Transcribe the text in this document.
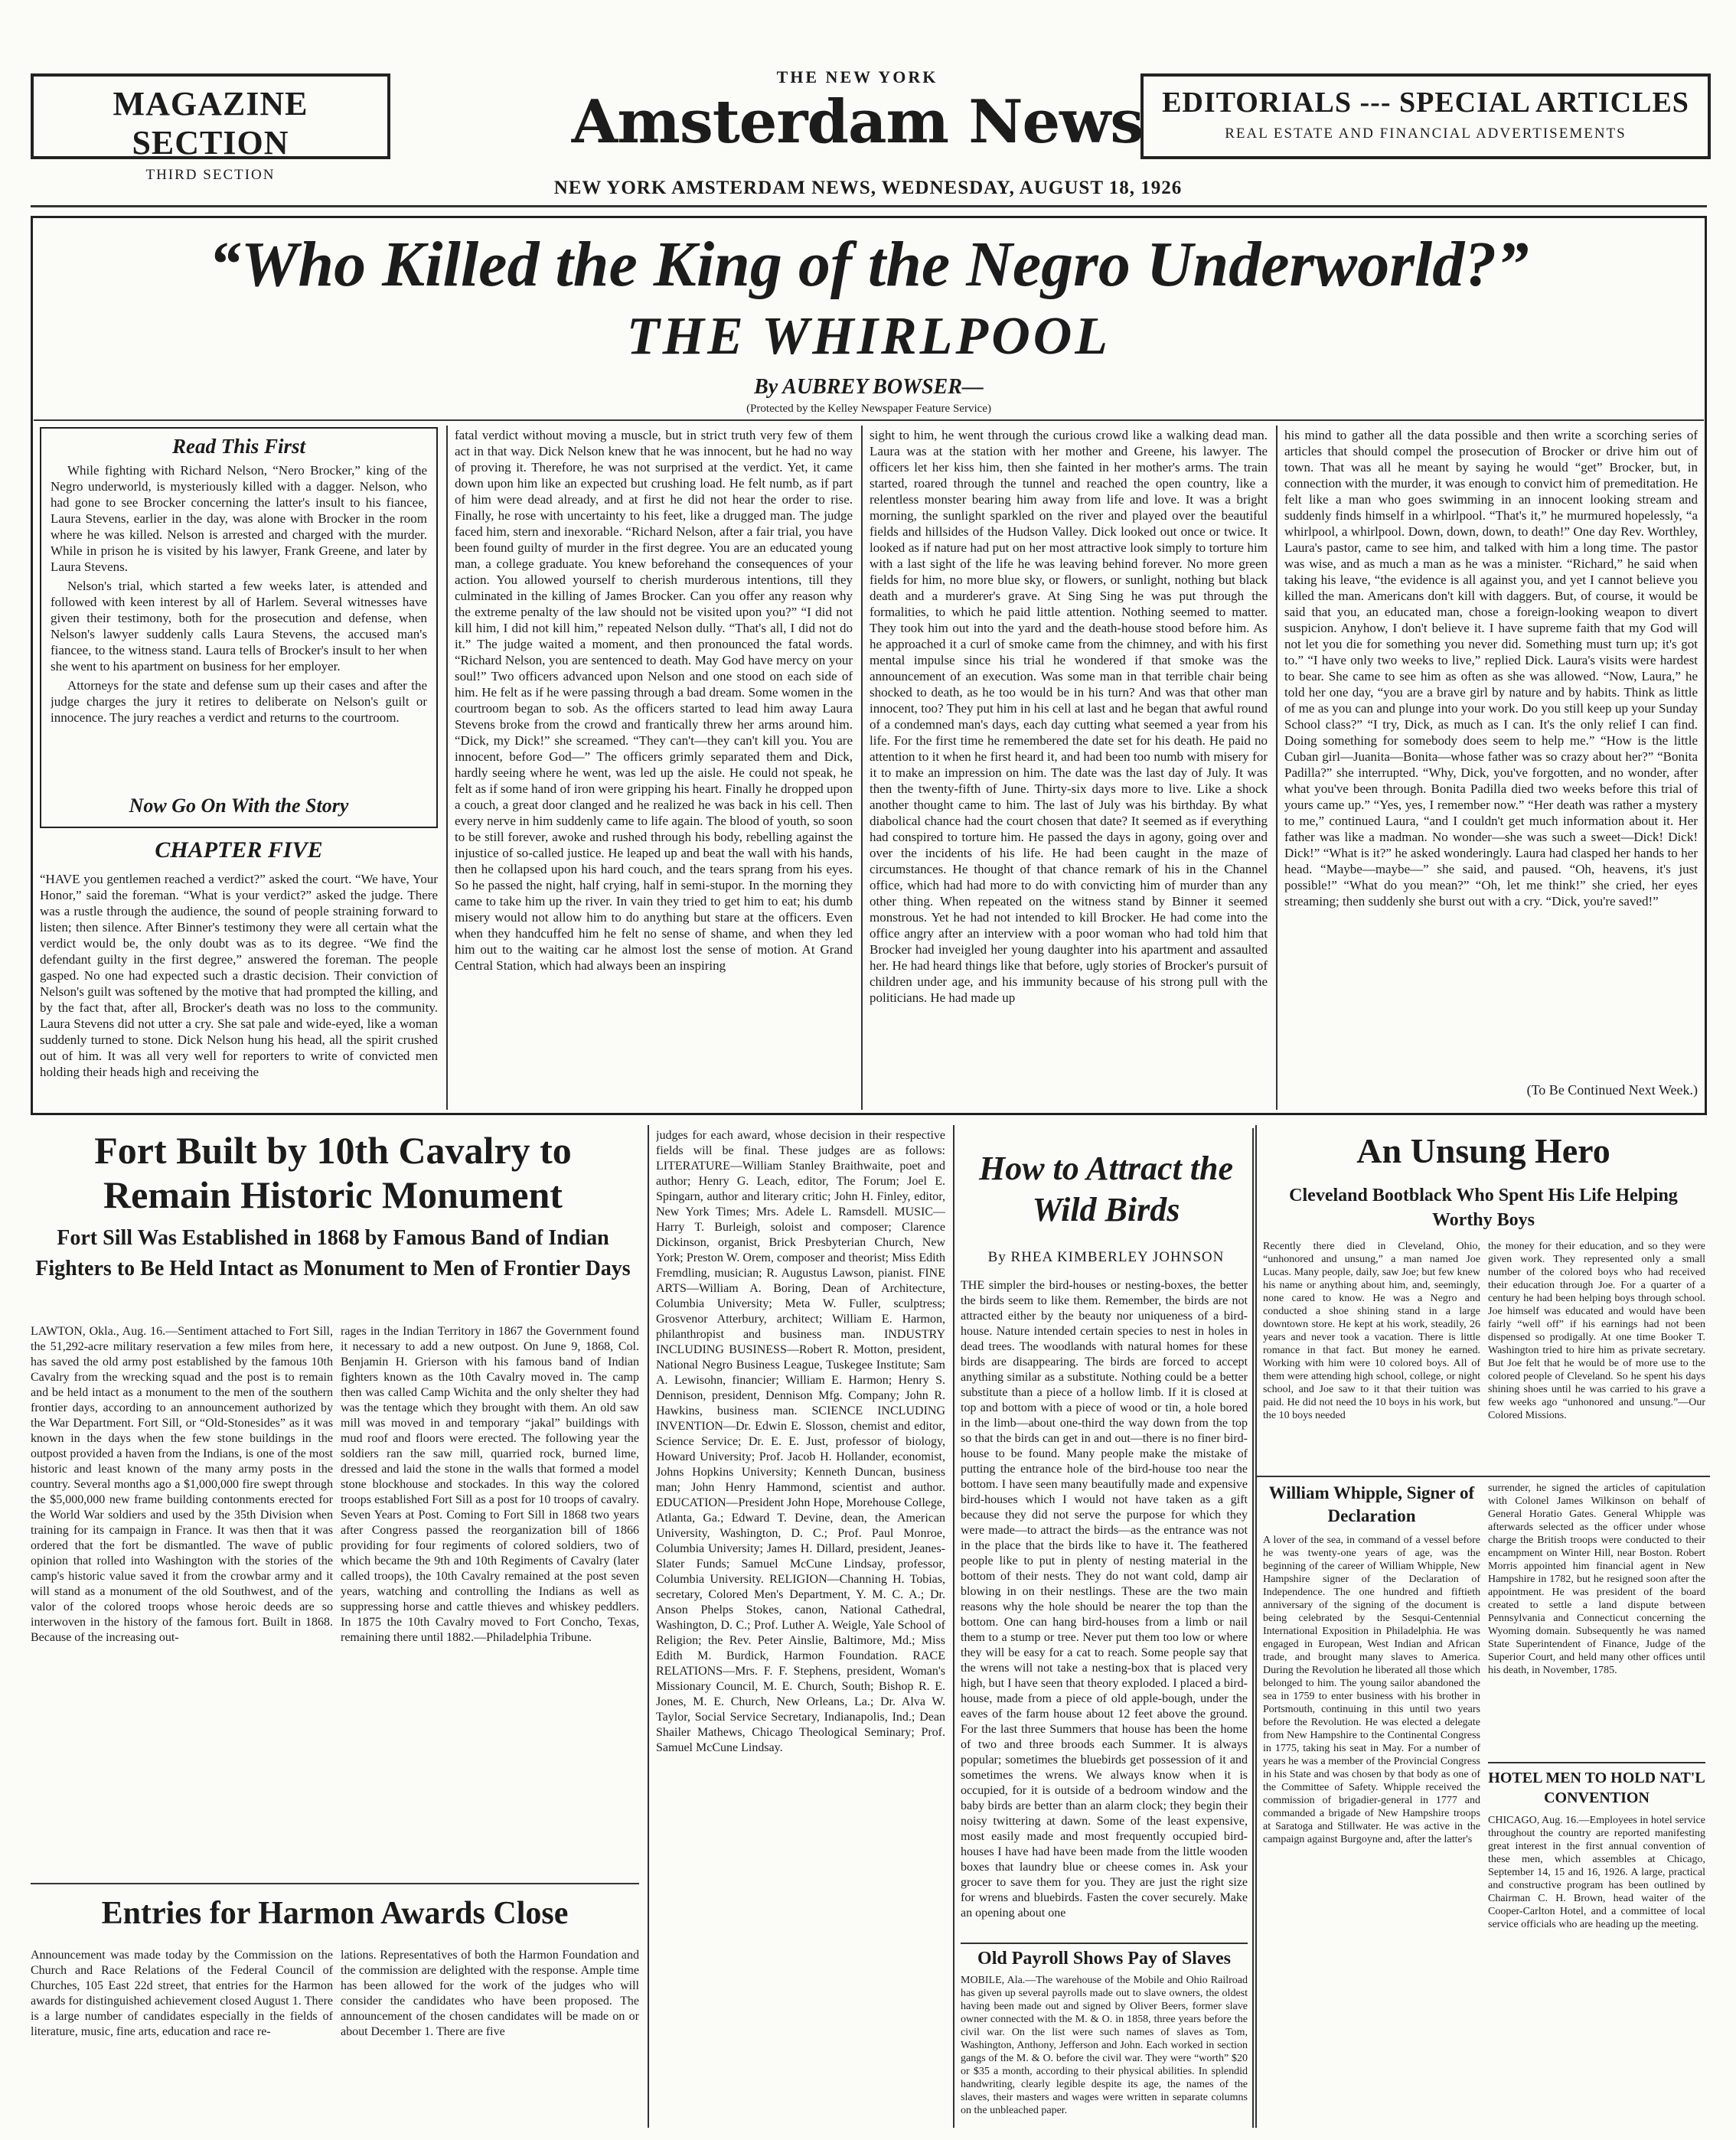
MAGAZINE SECTION
THIRD SECTION
THE NEW YORK
Amsterdam News EDITORIALS --- SPECIAL ARTICLES
REAL ESTATE AND FINANCIAL ADVERTISEMENTS
NEW YORK AMSTERDAM NEWS, WEDNESDAY, AUGUST 18, 1926
“Who Killed the King of the Negro Underworld?”
THE WHIRLPOOL
By AUBREY BOWSER—
(Protected by the Kelley Newspaper Feature Service)
Read This First

While fighting with Richard Nelson, “Nero Brocker,” king of the Negro underworld, is mysteriously killed with a dagger. Nelson, who had gone to see Brocker concerning the latter's insult to his fiancee, Laura Stevens, earlier in the day, was alone with Brocker in the room where he was killed. Nelson is arrested and charged with the murder. While in prison he is visited by his lawyer, Frank Greene, and later by Laura Stevens.

Nelson's trial, which started a few weeks later, is attended and followed with keen interest by all of Harlem. Several witnesses have given their testimony, both for the prosecution and defense, when Nelson's lawyer suddenly calls Laura Stevens, the accused man's fiancee, to the witness stand. Laura tells of Brocker's insult to her when she went to his apartment on business for her employer.

Attorneys for the state and defense sum up their cases and after the judge charges the jury it retires to deliberate on Nelson's guilt or innocence. The jury reaches a verdict and returns to the courtroom.

Now Go On With the Story
CHAPTER FIVE
“HAVE you gentlemen reached a verdict?” asked the court. “We have, Your Honor,” said the foreman. “What is your verdict?” asked the judge. There was a rustle through the audience, the sound of people straining forward to listen; then silence. After Binner's testimony they were all certain what the verdict would be, the only doubt was as to its degree. “We find the defendant guilty in the first degree,” answered the foreman. The people gasped. No one had expected such a drastic decision. Their conviction of Nelson's guilt was softened by the motive that had prompted the killing, and by the fact that, after all, Brocker's death was no loss to the community. Laura Stevens did not utter a cry. She sat pale and wide-eyed, like a woman suddenly turned to stone. Dick Nelson hung his head, all the spirit crushed out of him. It was all very well for reporters to write of convicted men holding their heads high and receiving the
fatal verdict without moving a muscle, but in strict truth very few of them act in that way. Dick Nelson knew that he was innocent, but he had no way of proving it. Therefore, he was not surprised at the verdict. Yet, it came down upon him like an expected but crushing load. He felt numb, as if part of him were dead already, and at first he did not hear the order to rise. Finally, he rose with uncertainty to his feet, like a drugged man. The judge faced him, stern and inexorable. “Richard Nelson, after a fair trial, you have been found guilty of murder in the first degree. You are an educated young man, a college graduate. You knew beforehand the consequences of your action. You allowed yourself to cherish murderous intentions, till they culminated in the killing of James Brocker. Can you offer any reason why the extreme penalty of the law should not be visited upon you?” “I did not kill him, I did not kill him,” repeated Nelson dully. “That's all, I did not do it.” The judge waited a moment, and then pronounced the fatal words. “Richard Nelson, you are sentenced to death. May God have mercy on your soul!” Two officers advanced upon Nelson and one stood on each side of him. He felt as if he were passing through a bad dream. Some women in the courtroom began to sob. As the officers started to lead him away Laura Stevens broke from the crowd and frantically threw her arms around him. “Dick, my Dick!” she screamed. “They can't—they can't kill you. You are innocent, before God—” The officers grimly separated them and Dick, hardly seeing where he went, was led up the aisle. He could not speak, he felt as if some hand of iron were gripping his heart. Finally he dropped upon a couch, a great door clanged and he realized he was back in his cell. Then every nerve in him suddenly came to life again. The blood of youth, so soon to be still forever, awoke and rushed through his body, rebelling against the injustice of so-called justice. He leaped up and beat the wall with his hands, then he collapsed upon his hard couch, and the tears sprang from his eyes. So he passed the night, half crying, half in semi-stupor. In the morning they came to take him up the river. In vain they tried to get him to eat; his dumb misery would not allow him to do anything but stare at the officers. Even when they handcuffed him he felt no sense of shame, and when they led him out to the waiting car he almost lost the sense of motion. At Grand Central Station, which had always been an inspiring
sight to him, he went through the curious crowd like a walking dead man. Laura was at the station with her mother and Greene, his lawyer. The officers let her kiss him, then she fainted in her mother's arms. The train started, roared through the tunnel and reached the open country, like a relentless monster bearing him away from life and love. It was a bright morning, the sunlight sparkled on the river and played over the beautiful fields and hillsides of the Hudson Valley. Dick looked out once or twice. It looked as if nature had put on her most attractive look simply to torture him with a last sight of the life he was leaving behind forever. No more green fields for him, no more blue sky, or flowers, or sunlight, nothing but black death and a murderer's grave. At Sing Sing he was put through the formalities, to which he paid little attention. Nothing seemed to matter. They took him out into the yard and the death-house stood before him. As he approached it a curl of smoke came from the chimney, and with his first mental impulse since his trial he wondered if that smoke was the announcement of an execution. Was some man in that terrible chair being shocked to death, as he too would be in his turn? And was that other man innocent, too? They put him in his cell at last and he began that awful round of a condemned man's days, each day cutting what seemed a year from his life. For the first time he remembered the date set for his death. He paid no attention to it when he first heard it, and had been too numb with misery for it to make an impression on him. The date was the last day of July. It was then the twenty-fifth of June. Thirty-six days more to live. Like a shock another thought came to him. The last of July was his birthday. By what diabolical chance had the court chosen that date? It seemed as if everything had conspired to torture him. He passed the days in agony, going over and over the incidents of his life. He had been caught in the maze of circumstances. He thought of that chance remark of his in the Channel office, which had had more to do with convicting him of murder than any other thing. When repeated on the witness stand by Binner it seemed monstrous. Yet he had not intended to kill Brocker. He had come into the office angry after an interview with a poor woman who had told him that Brocker had inveigled her young daughter into his apartment and assaulted her. He had heard things like that before, ugly stories of Brocker's pursuit of children under age, and his immunity because of his strong pull with the politicians. He had made up
his mind to gather all the data possible and then write a scorching series of articles that should compel the prosecution of Brocker or drive him out of town. That was all he meant by saying he would “get” Brocker, but, in connection with the murder, it was enough to convict him of premeditation. He felt like a man who goes swimming in an innocent looking stream and suddenly finds himself in a whirlpool. “That's it,” he murmured hopelessly, “a whirlpool, a whirlpool. Down, down, down, to death!” One day Rev. Worthley, Laura's pastor, came to see him, and talked with him a long time. The pastor was wise, and as much a man as he was a minister. “Richard,” he said when taking his leave, “the evidence is all against you, and yet I cannot believe you killed the man. Americans don't kill with daggers. But, of course, it would be said that you, an educated man, chose a foreign-looking weapon to divert suspicion. Anyhow, I don't believe it. I have supreme faith that my God will not let you die for something you never did. Something must turn up; it's got to.” “I have only two weeks to live,” replied Dick. Laura's visits were hardest to bear. She came to see him as often as she was allowed. “Now, Laura,” he told her one day, “you are a brave girl by nature and by habits. Think as little of me as you can and plunge into your work. Do you still keep up your Sunday School class?” “I try, Dick, as much as I can. It's the only relief I can find. Doing something for somebody does seem to help me.” “How is the little Cuban girl—Juanita—Bonita—whose father was so crazy about her?” “Bonita Padilla?” she interrupted. “Why, Dick, you've forgotten, and no wonder, after what you've been through. Bonita Padilla died two weeks before this trial of yours came up.” “Yes, yes, I remember now.” “Her death was rather a mystery to me,” continued Laura, “and I couldn't get much information about it. Her father was like a madman. No wonder—she was such a sweet—Dick! Dick! Dick!” “What is it?” he asked wonderingly. Laura had clasped her hands to her head. “Maybe—maybe—” she said, and paused. “Oh, heavens, it's just possible!” “What do you mean?” “Oh, let me think!” she cried, her eyes streaming; then suddenly she burst out with a cry. “Dick, you're saved!”
(To Be Continued Next Week.)
Fort Built by 10th Cavalry to Remain Historic Monument
Fort Sill Was Established in 1868 by Famous Band of Indian Fighters to Be Held Intact as Monument to Men of Frontier Days
LAWTON, Okla., Aug. 16.—Sentiment attached to Fort Sill, the 51,292-acre military reservation a few miles from here, has saved the old army post established by the famous 10th Cavalry from the wrecking squad and the post is to remain and be held intact as a monument to the men of the southern frontier days, according to an announcement authorized by the War Department. Fort Sill, or “Old-Stonesides” as it was known in the days when the few stone buildings in the outpost provided a haven from the Indians, is one of the most historic and least known of the many army posts in the country. Several months ago a $1,000,000 fire swept through the $5,000,000 new frame building contonments erected for the World War soldiers and used by the 35th Division when training for its campaign in France. It was then that it was ordered that the fort be dismantled. The wave of public opinion that rolled into Washington with the stories of the camp's historic value saved it from the crowbar army and it will stand as a monument of the old Southwest, and of the valor of the colored troops whose heroic deeds are so interwoven in the history of the famous fort. Built in 1868. Because of the increasing out-
rages in the Indian Territory in 1867 the Government found it necessary to add a new outpost. On June 9, 1868, Col. Benjamin H. Grierson with his famous band of Indian fighters known as the 10th Cavalry moved in. The camp then was called Camp Wichita and the only shelter they had was the tentage which they brought with them. An old saw mill was moved in and temporary “jakal” buildings with mud roof and floors were erected. The following year the soldiers ran the saw mill, quarried rock, burned lime, dressed and laid the stone in the walls that formed a model stone blockhouse and stockades. In this way the colored troops established Fort Sill as a post for 10 troops of cavalry. Seven Years at Post. Coming to Fort Sill in 1868 two years after Congress passed the reorganization bill of 1866 providing for four regiments of colored soldiers, two of which became the 9th and 10th Regiments of Cavalry (later called troops), the 10th Cavalry remained at the post seven years, watching and controlling the Indians as well as suppressing horse and cattle thieves and whiskey peddlers. In 1875 the 10th Cavalry moved to Fort Concho, Texas, remaining there until 1882.—Philadelphia Tribune.
Entries for Harmon Awards Close
Announcement was made today by the Commission on the Church and Race Relations of the Federal Council of Churches, 105 East 22d street, that entries for the Harmon awards for distinguished achievement closed August 1. There is a large number of candidates especially in the fields of literature, music, fine arts, education and race re-
lations. Representatives of both the Harmon Foundation and the commission are delighted with the response. Ample time has been allowed for the work of the judges who will consider the candidates who have been proposed. The announcement of the chosen candidates will be made on or about December 1. There are five
judges for each award, whose decision in their respective fields will be final. These judges are as follows: LITERATURE—William Stanley Braithwaite, poet and author; Henry G. Leach, editor, The Forum; Joel E. Spingarn, author and literary critic; John H. Finley, editor, New York Times; Mrs. Adele L. Ramsdell. MUSIC—Harry T. Burleigh, soloist and composer; Clarence Dickinson, organist, Brick Presbyterian Church, New York; Preston W. Orem, composer and theorist; Miss Edith Fremdling, musician; R. Augustus Lawson, pianist. FINE ARTS—William A. Boring, Dean of Architecture, Columbia University; Meta W. Fuller, sculptress; Grosvenor Atterbury, architect; William E. Harmon, philanthropist and business man. INDUSTRY INCLUDING BUSINESS—Robert R. Motton, president, National Negro Business League, Tuskegee Institute; Sam A. Lewisohn, financier; William E. Harmon; Henry S. Dennison, president, Dennison Mfg. Company; John R. Hawkins, business man. SCIENCE INCLUDING INVENTION—Dr. Edwin E. Slosson, chemist and editor, Science Service; Dr. E. E. Just, professor of biology, Howard University; Prof. Jacob H. Hollander, economist, Johns Hopkins University; Kenneth Duncan, business man; John Henry Hammond, scientist and author. EDUCATION—President John Hope, Morehouse College, Atlanta, Ga.; Edward T. Devine, dean, the American University, Washington, D. C.; Prof. Paul Monroe, Columbia University; James H. Dillard, president, Jeanes-Slater Funds; Samuel McCune Lindsay, professor, Columbia University. RELIGION—Channing H. Tobias, secretary, Colored Men's Department, Y. M. C. A.; Dr. Anson Phelps Stokes, canon, National Cathedral, Washington, D. C.; Prof. Luther A. Weigle, Yale School of Religion; the Rev. Peter Ainslie, Baltimore, Md.; Miss Edith M. Burdick, Harmon Foundation. RACE RELATIONS—Mrs. F. F. Stephens, president, Woman's Missionary Council, M. E. Church, South; Bishop R. E. Jones, M. E. Church, New Orleans, La.; Dr. Alva W. Taylor, Social Service Secretary, Indianapolis, Ind.; Dean Shailer Mathews, Chicago Theological Seminary; Prof. Samuel McCune Lindsay.
How to Attract the Wild Birds
By RHEA KIMBERLEY JOHNSON
THE simpler the bird-houses or nesting-boxes, the better the birds seem to like them. Remember, the birds are not attracted either by the beauty nor uniqueness of a bird-house. Nature intended certain species to nest in holes in dead trees. The woodlands with natural homes for these birds are disappearing. The birds are forced to accept anything similar as a substitute. Nothing could be a better substitute than a piece of a hollow limb. If it is closed at top and bottom with a piece of wood or tin, a hole bored in the limb—about one-third the way down from the top so that the birds can get in and out—there is no finer bird-house to be found. Many people make the mistake of putting the entrance hole of the bird-house too near the bottom. I have seen many beautifully made and expensive bird-houses which I would not have taken as a gift because they did not serve the purpose for which they were made—to attract the birds—as the entrance was not in the place that the birds like to have it. The feathered people like to put in plenty of nesting material in the bottom of their nests. They do not want cold, damp air blowing in on their nestlings. These are the two main reasons why the hole should be nearer the top than the bottom. One can hang bird-houses from a limb or nail them to a stump or tree. Never put them too low or where they will be easy for a cat to reach. Some people say that the wrens will not take a nesting-box that is placed very high, but I have seen that theory exploded. I placed a bird-house, made from a piece of old apple-bough, under the eaves of the farm house about 12 feet above the ground. For the last three Summers that house has been the home of two and three broods each Summer. It is always popular; sometimes the bluebirds get possession of it and sometimes the wrens. We always know when it is occupied, for it is outside of a bedroom window and the baby birds are better than an alarm clock; they begin their noisy twittering at dawn. Some of the least expensive, most easily made and most frequently occupied bird-houses I have had have been made from the little wooden boxes that laundry blue or cheese comes in. Ask your grocer to save them for you. They are just the right size for wrens and bluebirds. Fasten the cover securely. Make an opening about one
An Unsung Hero
Cleveland Bootblack Who Spent His Life Helping Worthy Boys
Recently there died in Cleveland, Ohio, “unhonored and unsung,” a man named Joe Lucas. Many people, daily, saw Joe; but few knew his name or anything about him, and, seemingly, none cared to know. He was a Negro and conducted a shoe shining stand in a large downtown store. He kept at his work, steadily, 26 years and never took a vacation. There is little romance in that fact. But money he earned. Working with him were 10 colored boys. All of them were attending high school, college, or night school, and Joe saw to it that their tuition was paid. He did not need the 10 boys in his work, but the 10 boys needed
the money for their education, and so they were given work. They represented only a small number of the colored boys who had received their education through Joe. For a quarter of a century he had been helping boys through school. Joe himself was educated and would have been fairly “well off” if his earnings had not been dispensed so prodigally. At one time Booker T. Washington tried to hire him as private secretary. But Joe felt that he would be of more use to the colored people of Cleveland. So he spent his days shining shoes until he was carried to his grave a few weeks ago “unhonored and unsung.”—Our Colored Missions.
William Whipple, Signer of Declaration
A lover of the sea, in command of a vessel before he was twenty-one years of age, was the beginning of the career of William Whipple, New Hampshire signer of the Declaration of Independence. The one hundred and fiftieth anniversary of the signing of the document is being celebrated by the Sesqui-Centennial International Exposition in Philadelphia. He was engaged in European, West Indian and African trade, and brought many slaves to America. During the Revolution he liberated all those which belonged to him. The young sailor abandoned the sea in 1759 to enter business with his brother in Portsmouth, continuing in this until two years before the Revolution. He was elected a delegate from New Hampshire to the Continental Congress in 1775, taking his seat in May. For a number of years he was a member of the Provincial Congress in his State and was chosen by that body as one of the Committee of Safety. Whipple received the commission of brigadier-general in 1777 and commanded a brigade of New Hampshire troops at Saratoga and Stillwater. He was active in the campaign against Burgoyne and, after the latter's
surrender, he signed the articles of capitulation with Colonel James Wilkinson on behalf of General Horatio Gates. General Whipple was afterwards selected as the officer under whose charge the British troops were conducted to their encampment on Winter Hill, near Boston. Robert Morris appointed him financial agent in New Hampshire in 1782, but he resigned soon after the appointment. He was president of the board created to settle a land dispute between Pennsylvania and Connecticut concerning the Wyoming domain. Subsequently he was named State Superintendent of Finance, Judge of the Superior Court, and held many other offices until his death, in November, 1785.
HOTEL MEN TO HOLD NAT'L CONVENTION
CHICAGO, Aug. 16.—Employees in hotel service throughout the country are reported manifesting great interest in the first annual convention of these men, which assembles at Chicago, September 14, 15 and 16, 1926. A large, practical and constructive program has been outlined by Chairman C. H. Brown, head waiter of the Cooper-Carlton Hotel, and a committee of local service officials who are heading up the meeting.
Old Payroll Shows Pay of Slaves
MOBILE, Ala.—The warehouse of the Mobile and Ohio Railroad has given up several payrolls made out to slave owners, the oldest having been made out and signed by Oliver Beers, former slave owner connected with the M. & O. in 1858, three years before the civil war. On the list were such names of slaves as Tom, Washington, Anthony, Jefferson and John. Each worked in section gangs of the M. & O. before the civil war. They were “worth” $20 or $35 a month, according to their physical abilities. In splendid handwriting, clearly legible despite its age, the names of the slaves, their masters and wages were written in separate columns on the unbleached paper.
